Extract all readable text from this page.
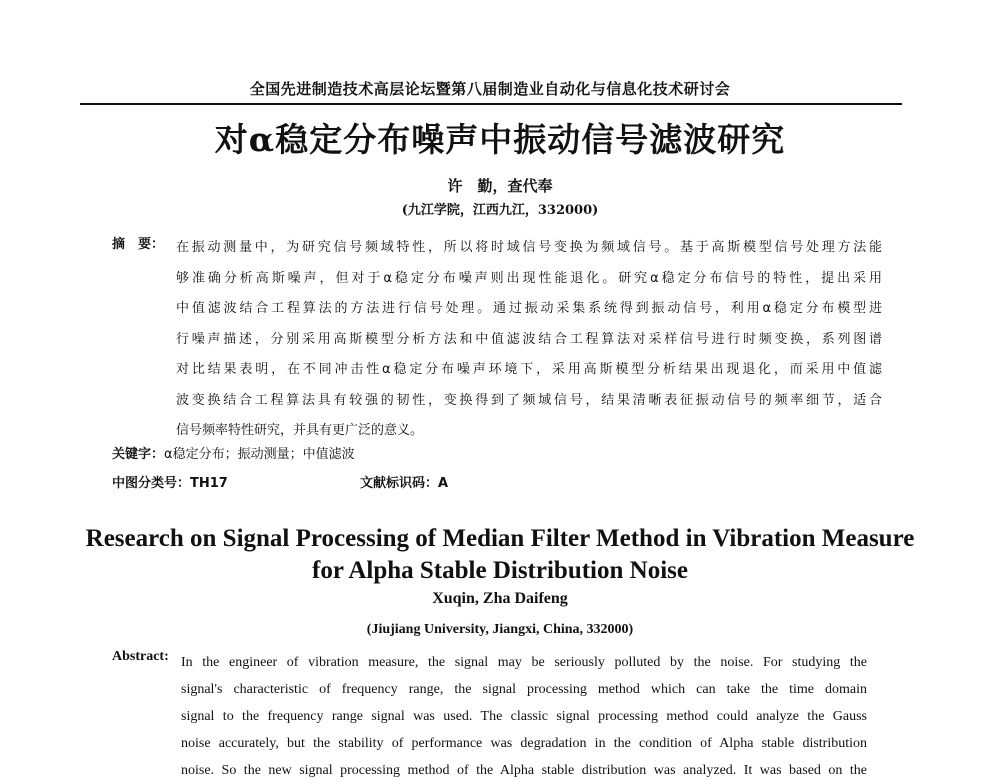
全国先进制造技术高层论坛暨第八届制造业自动化与信息化技术研讨会
对α稳定分布噪声中振动信号滤波研究
许　勤，查代奉
(九江学院，江西九江，332000)
摘　要： 在振动测量中，为研究信号频域特性，所以将时域信号变换为频域信号。基于高斯模型信号处理方法能
够准确分析高斯噪声，但对于α稳定分布噪声则出现性能退化。研究α稳定分布信号的特性，提出采用
中值滤波结合工程算法的方法进行信号处理。通过振动采集系统得到振动信号，利用α稳定分布模型进
行噪声描述，分别采用高斯模型分析方法和中值滤波结合工程算法对采样信号进行时频变换，系列图谱
对比结果表明，在不同冲击性α稳定分布噪声环境下，采用高斯模型分析结果出现退化，而采用中值滤
波变换结合工程算法具有较强的韧性，变换得到了频域信号，结果清晰表征振动信号的频率细节，适合
信号频率特性研究，并具有更广泛的意义。
关键字：α稳定分布；振动测量；中值滤波
中图分类号：TH17	文献标识码：A
Research on Signal Processing of Median Filter Method in Vibration Measure
for Alpha Stable Distribution Noise
Xuqin, Zha Daifeng
(Jiujiang University, Jiangxi, China, 332000)
Abstract: In the engineer of vibration measure, the signal may be seriously polluted by the noise. For studying the
signal's characteristic of frequency range, the signal processing method which can take the time domain
signal to the frequency range signal was used. The classic signal processing method could analyze the Gauss
noise accurately, but the stability of performance was degradation in the condition of Alpha stable distribution
noise. So the new signal processing method of the Alpha stable distribution was analyzed. It was based on the
